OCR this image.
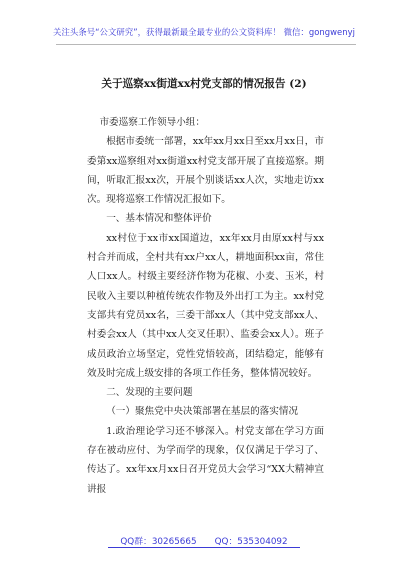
关注头条号“公文研究”，获得最新最全最专业的公文资料库！ 微信：gongwenyj
关于巡察xx街道xx村党支部的情况报告 (2)

市委巡察工作领导小组：

根据市委统一部署，xx年xx月xx日至xx月xx日，市委第xx巡察组对xx街道xx村党支部开展了直接巡察。期间，听取汇报xx次，开展个别谈话xx人次，实地走访xx次。现将巡察工作情况汇报如下。

一、基本情况和整体评价

xx村位于xx市xx国道边，xx年xx月由原xx村与xx村合并而成，全村共有xx户xx人，耕地面积xx亩，常住人口xx人。村级主要经济作物为花椒、小麦、玉米，村民收入主要以种植传统农作物及外出打工为主。xx村党支部共有党员xx名，三委干部xx人（其中党支部xx人、村委会xx人（其中xx人交叉任职）、监委会xx人）。班子成员政治立场坚定，党性党悟较高，团结稳定，能够有效及时完成上级安排的各项工作任务，整体情况较好。

二、发现的主要问题

（一）聚焦党中央决策部署在基层的落实情况

1.政治理论学习还不够深入。村党支部在学习方面存在被动应付、为学而学的现象，仅仅满足于学习了、传达了。xx年xx月xx日召开党员大会学习“XX大精神宣讲报

QQ群：30265665 QQ：535304092
